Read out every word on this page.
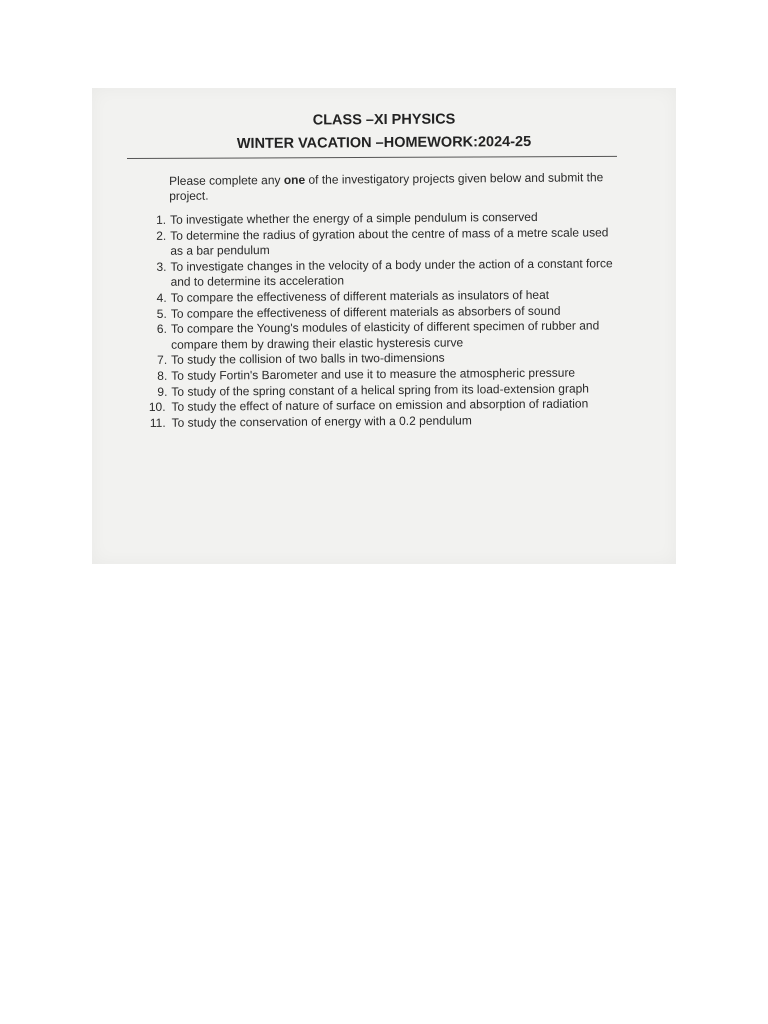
CLASS –XI PHYSICS
WINTER VACATION –HOMEWORK:2024-25

Please complete any one of the investigatory projects given below and submit the project.

1. To investigate whether the energy of a simple pendulum is conserved
2. To determine the radius of gyration about the centre of mass of a metre scale used as a bar pendulum
3. To investigate changes in the velocity of a body under the action of a constant force and to determine its acceleration
4. To compare the effectiveness of different materials as insulators of heat
5. To compare the effectiveness of different materials as absorbers of sound
6. To compare the Young's modules of elasticity of different specimen of rubber and compare them by drawing their elastic hysteresis curve
7. To study the collision of two balls in two-dimensions
8. To study Fortin's Barometer and use it to measure the atmospheric pressure
9. To study of the spring constant of a helical spring from its load-extension graph
10. To study the effect of nature of surface on emission and absorption of radiation
11. To study the conservation of energy with a 0.2 pendulum
